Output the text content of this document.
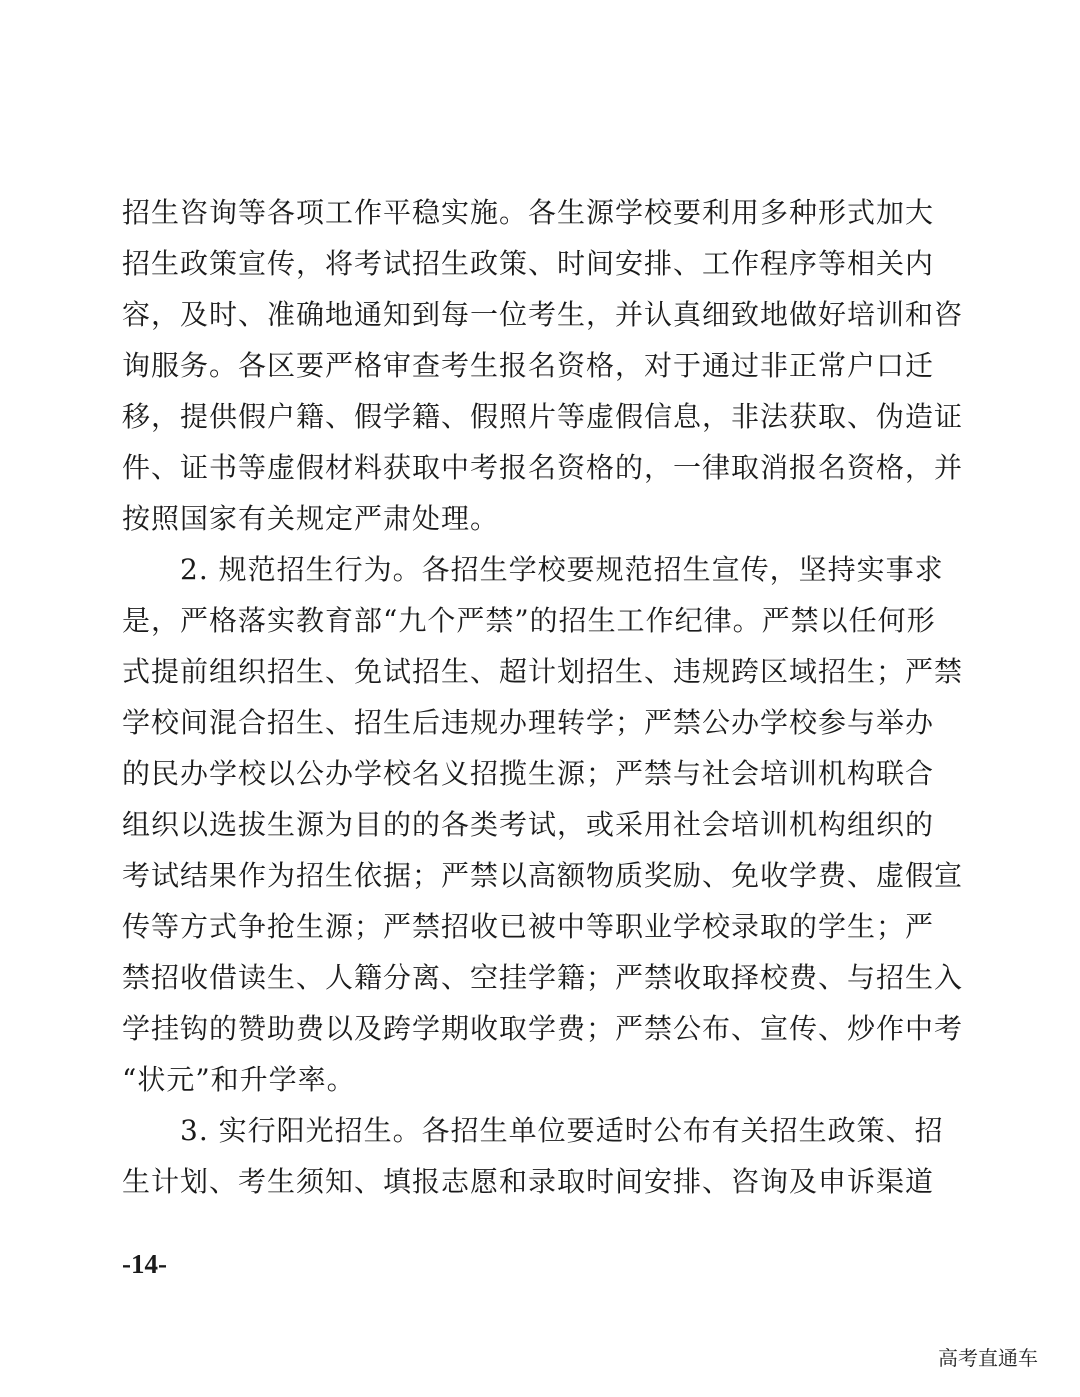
招生咨询等各项工作平稳实施。各生源学校要利用多种形式加大
招生政策宣传，将考试招生政策、时间安排、工作程序等相关内
容，及时、准确地通知到每一位考生，并认真细致地做好培训和咨
询服务。各区要严格审查考生报名资格，对于通过非正常户口迁
移，提供假户籍、假学籍、假照片等虚假信息，非法获取、伪造证
件、证书等虚假材料获取中考报名资格的，一律取消报名资格，并
按照国家有关规定严肃处理。
　　2. 规范招生行为。各招生学校要规范招生宣传，坚持实事求
是，严格落实教育部“九个严禁”的招生工作纪律。严禁以任何形
式提前组织招生、免试招生、超计划招生、违规跨区域招生；严禁
学校间混合招生、招生后违规办理转学；严禁公办学校参与举办
的民办学校以公办学校名义招揽生源；严禁与社会培训机构联合
组织以选拔生源为目的的各类考试，或采用社会培训机构组织的
考试结果作为招生依据；严禁以高额物质奖励、免收学费、虚假宣
传等方式争抢生源；严禁招收已被中等职业学校录取的学生；严
禁招收借读生、人籍分离、空挂学籍；严禁收取择校费、与招生入
学挂钩的赞助费以及跨学期收取学费；严禁公布、宣传、炒作中考
“状元”和升学率。
　　3. 实行阳光招生。各招生单位要适时公布有关招生政策、招
生计划、考生须知、填报志愿和录取时间安排、咨询及申诉渠道
-14-
高考直通车
